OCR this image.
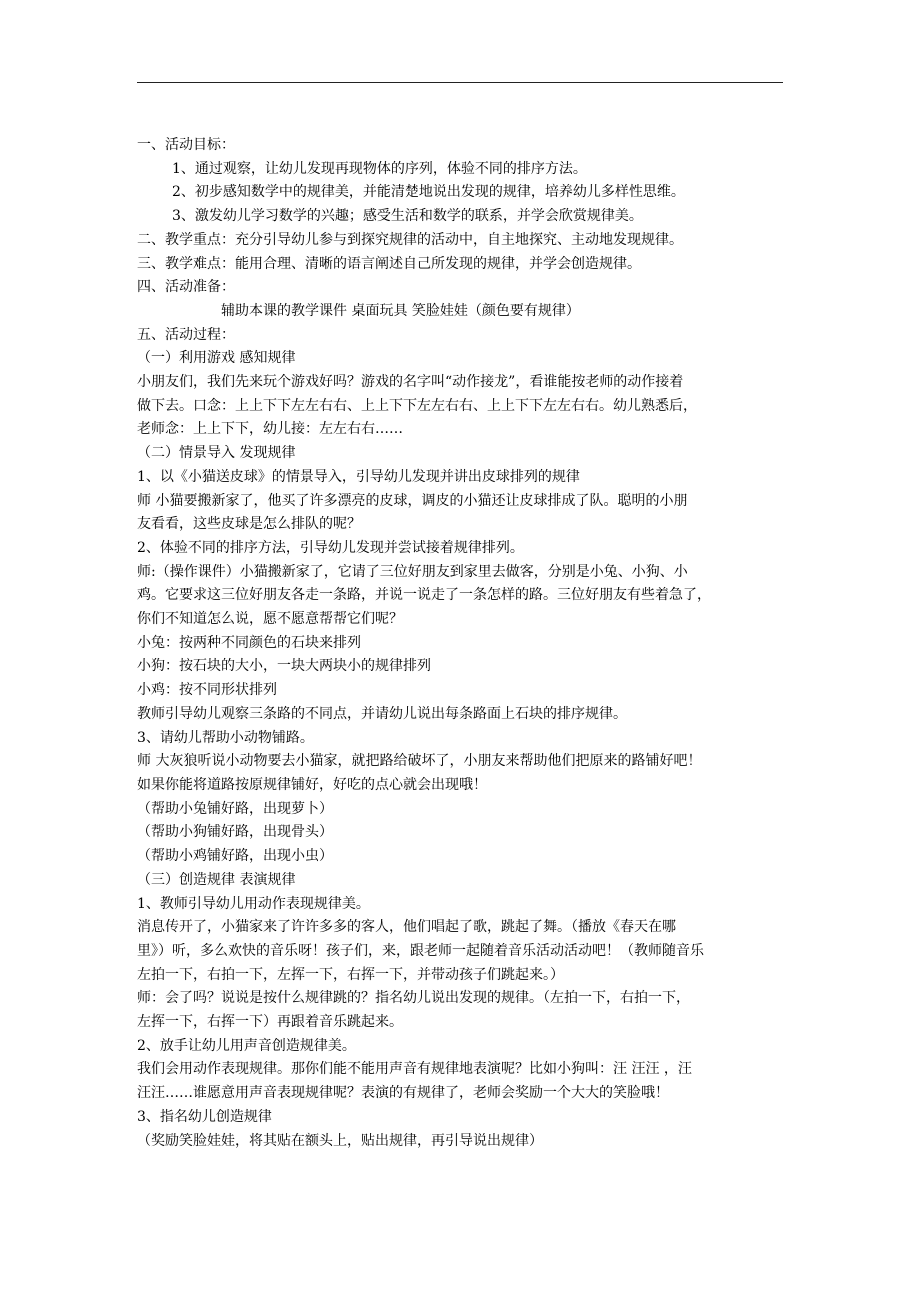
一、活动目标：
1、通过观察，让幼儿发现再现物体的序列，体验不同的排序方法。
2、初步感知数学中的规律美，并能清楚地说出发现的规律，培养幼儿多样性思维。
3、激发幼儿学习数学的兴趣；感受生活和数学的联系，并学会欣赏规律美。
二、教学重点：充分引导幼儿参与到探究规律的活动中，自主地探究、主动地发现规律。
三、教学难点：能用合理、清晰的语言阐述自己所发现的规律，并学会创造规律。
四、活动准备：
辅助本课的教学课件 桌面玩具 笑脸娃娃（颜色要有规律）
五、活动过程：
（一）利用游戏 感知规律
小朋友们，我们先来玩个游戏好吗？游戏的名字叫“动作接龙”，看谁能按老师的动作接着
做下去。口念：上上下下左左右右、上上下下左左右右、上上下下左左右右。幼儿熟悉后，
老师念：上上下下，幼儿接：左左右右……
（二）情景导入 发现规律
1、以《小猫送皮球》的情景导入，引导幼儿发现并讲出皮球排列的规律
师 小猫要搬新家了，他买了许多漂亮的皮球，调皮的小猫还让皮球排成了队。聪明的小朋
友看看，这些皮球是怎么排队的呢？
2、体验不同的排序方法，引导幼儿发现并尝试接着规律排列。
师:（操作课件）小猫搬新家了，它请了三位好朋友到家里去做客，分别是小兔、小狗、小
鸡。它要求这三位好朋友各走一条路，并说一说走了一条怎样的路。三位好朋友有些着急了，
你们不知道怎么说，愿不愿意帮帮它们呢？
小兔：按两种不同颜色的石块来排列
小狗：按石块的大小，一块大两块小的规律排列
小鸡：按不同形状排列
教师引导幼儿观察三条路的不同点，并请幼儿说出每条路面上石块的排序规律。
3、请幼儿帮助小动物铺路。
师 大灰狼听说小动物要去小猫家，就把路给破坏了，小朋友来帮助他们把原来的路铺好吧！
如果你能将道路按原规律铺好，好吃的点心就会出现哦！
（帮助小兔铺好路，出现萝卜）
（帮助小狗铺好路，出现骨头）
（帮助小鸡铺好路，出现小虫）
（三）创造规律 表演规律
1、教师引导幼儿用动作表现规律美。
消息传开了，小猫家来了许许多多的客人，他们唱起了歌，跳起了舞。（播放《春天在哪
里》）听，多么欢快的音乐呀！孩子们，来，跟老师一起随着音乐活动活动吧！（教师随音乐
左拍一下，右拍一下，左挥一下，右挥一下，并带动孩子们跳起来。）
师：会了吗？说说是按什么规律跳的？指名幼儿说出发现的规律。（左拍一下，右拍一下，
左挥一下，右挥一下）再跟着音乐跳起来。
2、放手让幼儿用声音创造规律美。
我们会用动作表现规律。那你们能不能用声音有规律地表演呢？比如小狗叫：汪 汪汪 ，汪
汪汪……谁愿意用声音表现规律呢？表演的有规律了，老师会奖励一个大大的笑脸哦！
3、指名幼儿创造规律
（奖励笑脸娃娃，将其贴在额头上，贴出规律，再引导说出规律）
